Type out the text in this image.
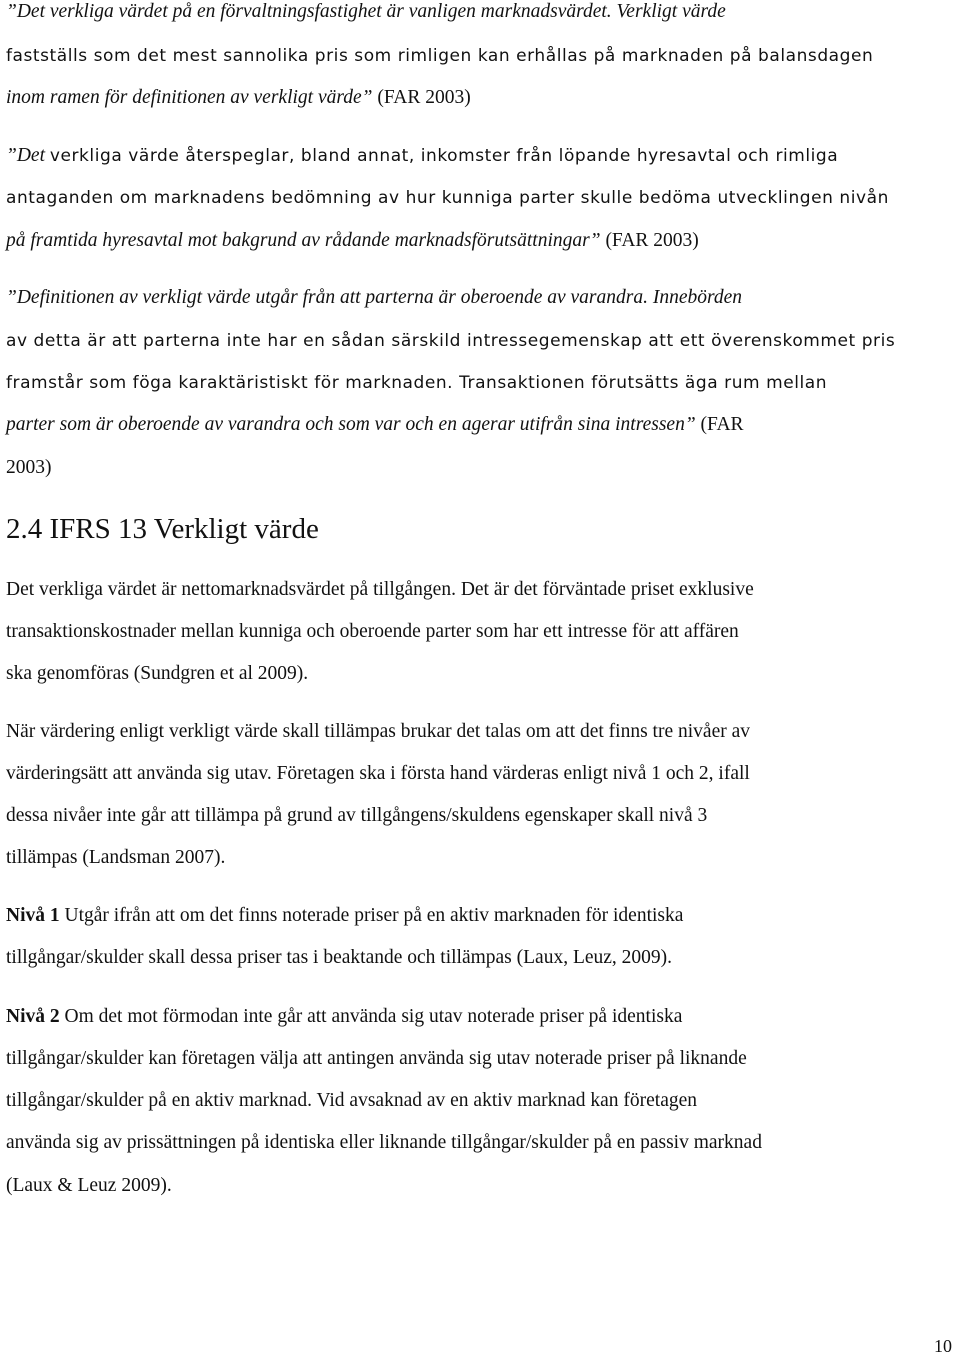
”Det verkliga värdet på en förvaltningsfastighet är vanligen marknadsvärdet. Verkligt värde
fastställs som det mest sannolika pris som rimligen kan erhållas på marknaden på balansdagen
inom ramen för definitionen av verkligt värde” (FAR 2003)
”Det verkliga värde återspeglar, bland annat, inkomster från löpande hyresavtal och rimliga
antaganden om marknadens bedömning av hur kunniga parter skulle bedöma utvecklingen nivån
på framtida hyresavtal mot bakgrund av rådande marknadsförutsättningar” (FAR 2003)
”Definitionen av verkligt värde utgår från att parterna är oberoende av varandra. Innebörden
av detta är att parterna inte har en sådan särskild intressegemenskap att ett överenskommet pris
framstår som föga karaktäristiskt för marknaden. Transaktionen förutsätts äga rum mellan
parter som är oberoende av varandra och som var och en agerar utifrån sina intressen” (FAR
2003)
2.4 IFRS 13 Verkligt värde
Det verkliga värdet är nettomarknadsvärdet på tillgången. Det är det förväntade priset exklusive
transaktionskostnader mellan kunniga och oberoende parter som har ett intresse för att affären
ska genomföras (Sundgren et al 2009).
När värdering enligt verkligt värde skall tillämpas brukar det talas om att det finns tre nivåer av
värderingsätt att använda sig utav. Företagen ska i första hand värderas enligt nivå 1 och 2, ifall
dessa nivåer inte går att tillämpa på grund av tillgångens/skuldens egenskaper skall nivå 3
tillämpas (Landsman 2007).
Nivå 1 Utgår ifrån att om det finns noterade priser på en aktiv marknaden för identiska
tillgångar/skulder skall dessa priser tas i beaktande och tillämpas (Laux, Leuz, 2009).
Nivå 2 Om det mot förmodan inte går att använda sig utav noterade priser på identiska
tillgångar/skulder kan företagen välja att antingen använda sig utav noterade priser på liknande
tillgångar/skulder på en aktiv marknad. Vid avsaknad av en aktiv marknad kan företagen
använda sig av prissättningen på identiska eller liknande tillgångar/skulder på en passiv marknad
(Laux & Leuz 2009).
10
